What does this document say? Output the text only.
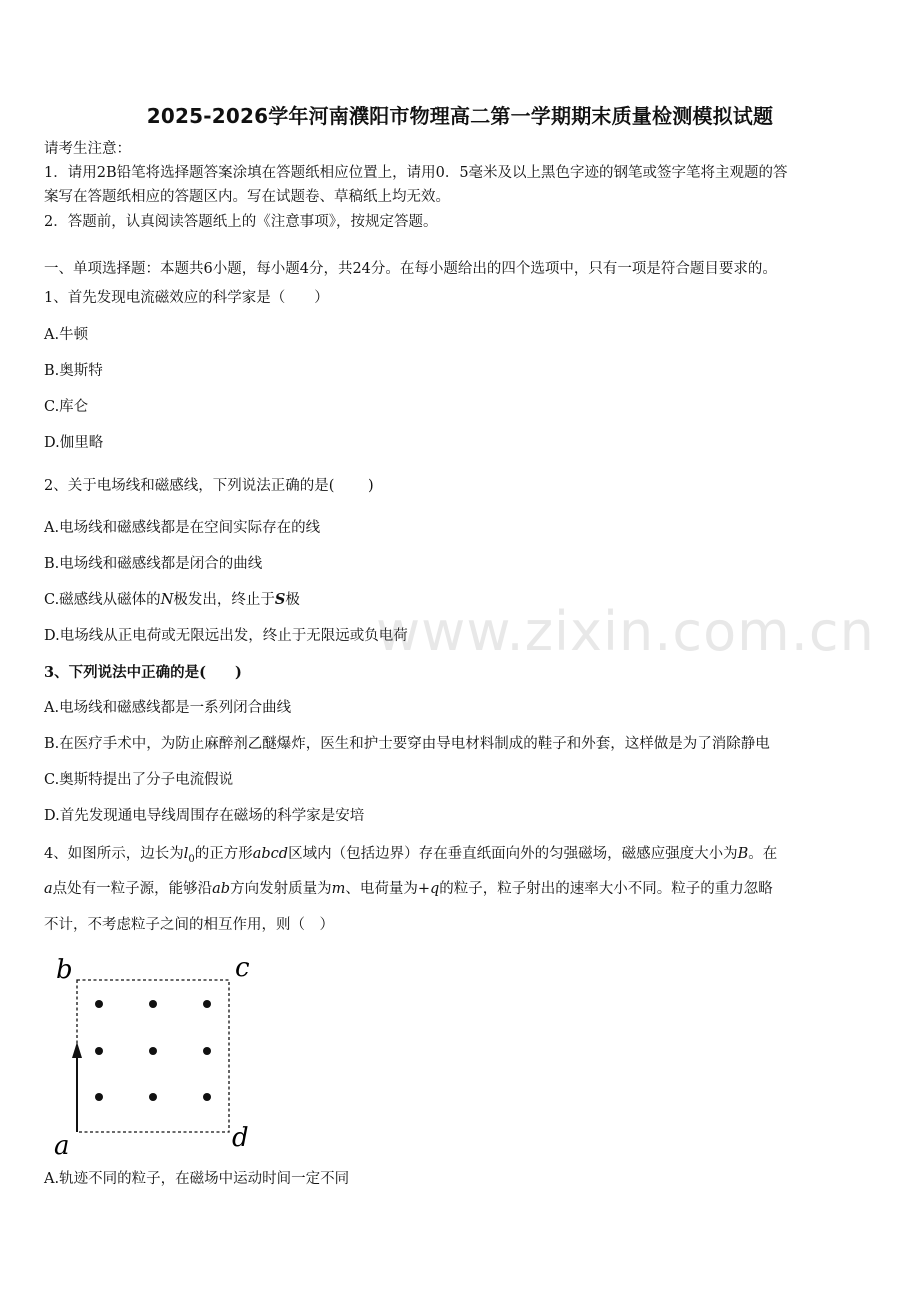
2025-2026学年河南濮阳市物理高二第一学期期末质量检测模拟试题
请考生注意：
1．请用2B铅笔将选择题答案涂填在答题纸相应位置上，请用0．5毫米及以上黑色字迹的钢笔或签字笔将主观题的答
案写在答题纸相应的答题区内。写在试题卷、草稿纸上均无效。
2．答题前，认真阅读答题纸上的《注意事项》，按规定答题。
一、单项选择题：本题共6小题，每小题4分，共24分。在每小题给出的四个选项中，只有一项是符合题目要求的。
1、首先发现电流磁效应的科学家是（　　）
A.牛顿
B.奥斯特
C.库仑
D.伽里略
2、关于电场线和磁感线，下列说法正确的是(　　 )
A.电场线和磁感线都是在空间实际存在的线
B.电场线和磁感线都是闭合的曲线
C.磁感线从磁体的N极发出，终止于S极
D.电场线从正电荷或无限远出发，终止于无限远或负电荷
3、下列说法中正确的是(　　)
A.电场线和磁感线都是一系列闭合曲线
B.在医疗手术中，为防止麻醉剂乙醚爆炸，医生和护士要穿由导电材料制成的鞋子和外套，这样做是为了消除静电
C.奥斯特提出了分子电流假说
D.首先发现通电导线周围存在磁场的科学家是安培
4、如图所示，边长为$l_0$的正方形abcd区域内（包括边界）存在垂直纸面向外的匀强磁场，磁感应强度大小为B。在
a点处有一粒子源，能够沿ab方向发射质量为m、电荷量为+q的粒子，粒子射出的速率大小不同。粒子的重力忽略
不计，不考虑粒子之间的相互作用，则（　）
b	c
a	d
A.轨迹不同的粒子，在磁场中运动时间一定不同
www.zixin.com.cn
